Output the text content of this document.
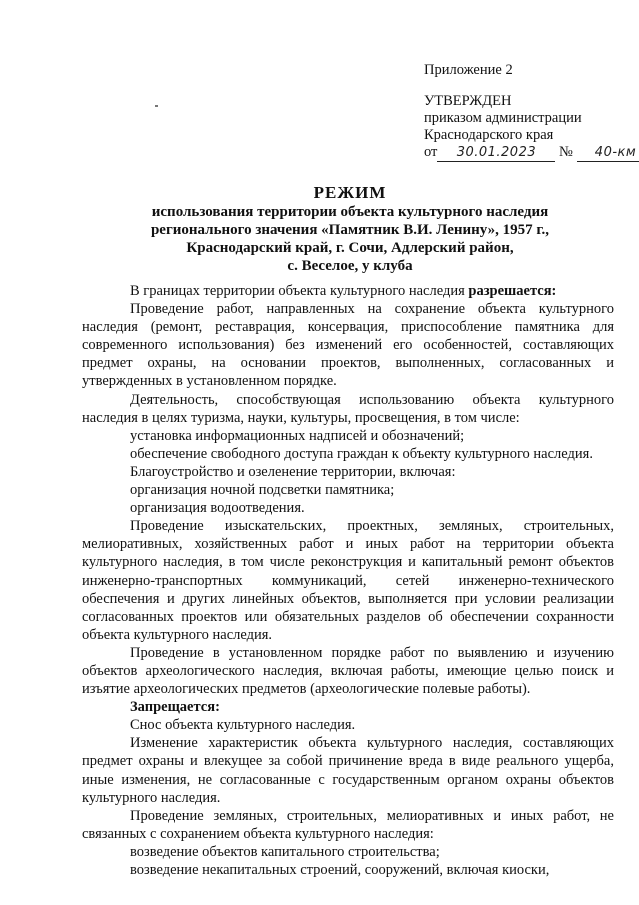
Приложение 2
УТВЕРЖДЕН
приказом администрации
Краснодарского края
от 30.01.2023 № 40-км
РЕЖИМ
использования территории объекта культурного наследия
регионального значения «Памятник В.И. Ленину», 1957 г.,
Краснодарский край, г. Сочи, Адлерский район,
с. Веселое, у клуба

В границах территории объекта культурного наследия разрешается:

Проведение работ, направленных на сохранение объекта культурного наследия (ремонт, реставрация, консервация, приспособление памятника для современного использования) без изменений его особенностей, составляющих предмет охраны, на основании проектов, выполненных, согласованных и утвержденных в установленном порядке.

Деятельность, способствующая использованию объекта культурного наследия в целях туризма, науки, культуры, просвещения, в том числе:

установка информационных надписей и обозначений;

обеспечение свободного доступа граждан к объекту культурного наследия.

Благоустройство и озеленение территории, включая:

организация ночной подсветки памятника;

организация водоотведения.

Проведение изыскательских, проектных, земляных, строительных, мелиоративных, хозяйственных работ и иных работ на территории объекта культурного наследия, в том числе реконструкция и капитальный ремонт объектов инженерно-транспортных коммуникаций, сетей инженерно-технического обеспечения и других линейных объектов, выполняется при условии реализации согласованных проектов или обязательных разделов об обеспечении сохранности объекта культурного наследия.

Проведение в установленном порядке работ по выявлению и изучению объектов археологического наследия, включая работы, имеющие целью поиск и изъятие археологических предметов (археологические полевые работы).

Запрещается:

Снос объекта культурного наследия.

Изменение характеристик объекта культурного наследия, составляющих предмет охраны и влекущее за собой причинение вреда в виде реального ущерба, иные изменения, не согласованные с государственным органом охраны объектов культурного наследия.

Проведение земляных, строительных, мелиоративных и иных работ, не связанных с сохранением объекта культурного наследия:

возведение объектов капитального строительства;

возведение некапитальных строений, сооружений, включая киоски,
